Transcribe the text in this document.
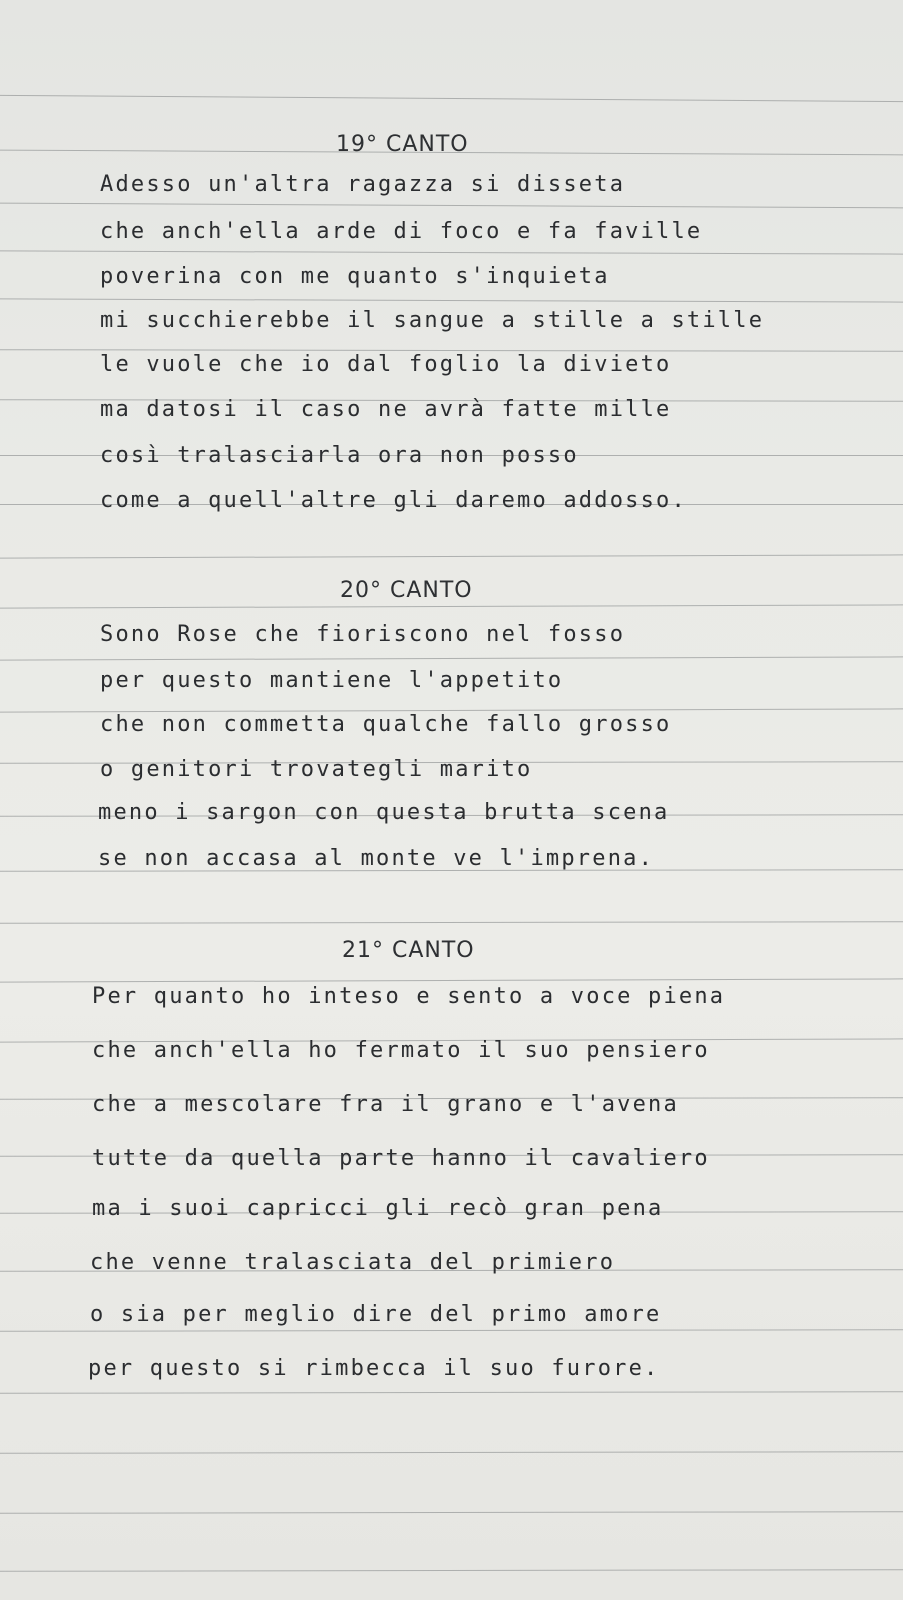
19° CANTO
Adesso un'altra ragazza si disseta
che anch'ella arde di foco e fa faville
poverina con me quanto s'inquieta
mi succhierebbe il sangue a stille a stille
le vuole che io dal foglio la divieto
ma datosi il caso ne avrà fatte mille
così tralasciarla ora non posso
come a quell'altre gli daremo addosso.
20° CANTO
Sono Rose che fioriscono nel fosso
per questo mantiene l'appetito
che non commetta qualche fallo grosso
o genitori trovategli marito
meno i sargon con questa brutta scena
se non accasa al monte ve l'imprena.
21° CANTO
Per quanto ho inteso e sento a voce piena
che anch'ella ho fermato il suo pensiero
che a mescolare fra il grano e l'avena
tutte da quella parte hanno il cavaliero
ma i suoi capricci gli recò gran pena
che venne tralasciata del primiero
o sia per meglio dire del primo amore
per questo si rimbecca il suo furore.
